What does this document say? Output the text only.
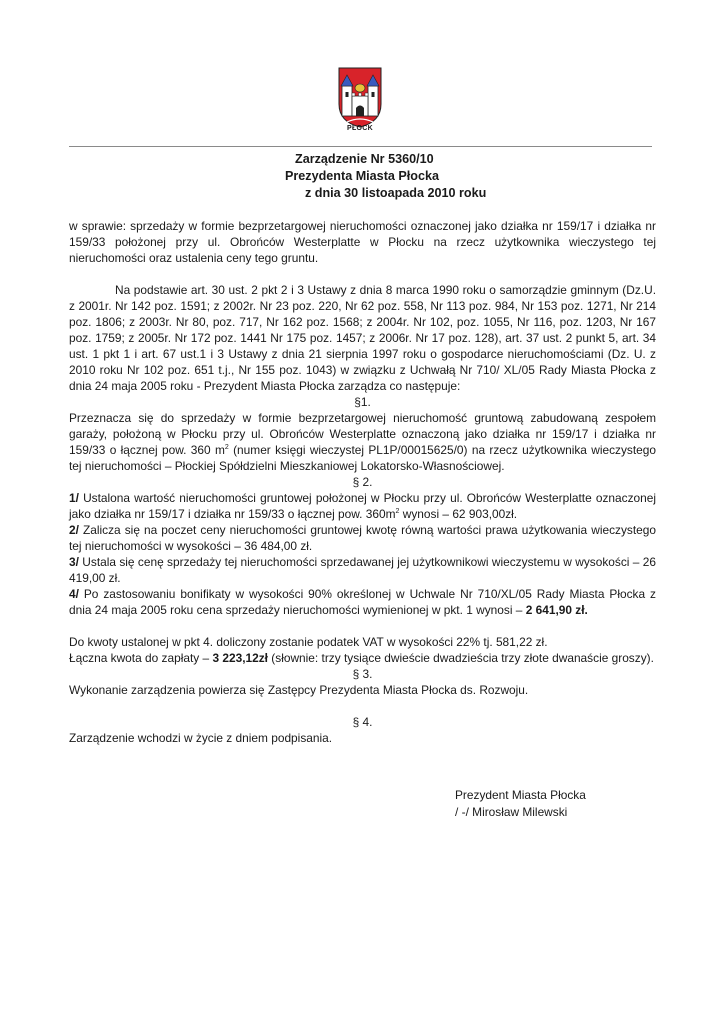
PŁOCK
Zarządzenie Nr 5360/10
Prezydenta Miasta Płocka
z dnia 30 listoapada 2010 roku

w sprawie: sprzedaży w formie bezprzetargowej nieruchomości oznaczonej jako działka nr 159/17 i działka nr 159/33 położonej przy ul. Obrońców Westerplatte w Płocku na rzecz użytkownika wieczystego tej nieruchomości oraz ustalenia ceny tego gruntu.

Na podstawie art. 30 ust. 2 pkt 2 i 3 Ustawy z dnia 8 marca 1990 roku o samorządzie gminnym (Dz.U. z 2001r. Nr 142 poz. 1591; z 2002r. Nr 23 poz. 220, Nr 62 poz. 558, Nr 113 poz. 984, Nr 153 poz. 1271, Nr 214 poz. 1806; z 2003r. Nr 80, poz. 717, Nr 162 poz. 1568; z 2004r. Nr 102, poz. 1055, Nr 116, poz. 1203, Nr 167 poz. 1759; z 2005r. Nr 172 poz. 1441 Nr 175 poz. 1457; z 2006r. Nr 17 poz. 128), art. 37 ust. 2 punkt 5, art. 34 ust. 1 pkt 1 i art. 67 ust.1 i 3 Ustawy z dnia 21 sierpnia 1997 roku o gospodarce nieruchomościami (Dz. U. z 2010 roku Nr 102 poz. 651 t.j., Nr 155 poz. 1043) w związku z Uchwałą Nr 710/ XL/05 Rady Miasta Płocka z dnia 24 maja 2005 roku - Prezydent Miasta Płocka zarządza co następuje:

§1.

Przeznacza się do sprzedaży w formie bezprzetargowej nieruchomość gruntową zabudowaną zespołem garaży, położoną w Płocku przy ul. Obrońców Westerplatte oznaczoną jako działka nr 159/17 i działka nr 159/33 o łącznej pow. 360 $m^2$ (numer księgi wieczystej PL1P/00015625/0) na rzecz użytkownika wieczystego tej nieruchomości – Płockiej Spółdzielni Mieszkaniowej Lokatorsko-Własnościowej.

§ 2.

1/ Ustalona wartość nieruchomości gruntowej położonej w Płocku przy ul. Obrońców Westerplatte oznaczonej jako działka nr 159/17 i działka nr 159/33 o łącznej pow. $360m^2$ wynosi – 62 903,00zł.

2/ Zalicza się na poczet ceny nieruchomości gruntowej kwotę równą wartości prawa użytkowania wieczystego tej nieruchomości w wysokości – 36 484,00 zł.

3/ Ustala się cenę sprzedaży tej nieruchomości sprzedawanej jej użytkownikowi wieczystemu w wysokości – 26 419,00 zł.

4/ Po zastosowaniu bonifikaty w wysokości 90% określonej w Uchwale Nr 710/XL/05 Rady Miasta Płocka z dnia 24 maja 2005 roku cena sprzedaży nieruchomości wymienionej w pkt. 1 wynosi – 2 641,90 zł.

Do kwoty ustalonej w pkt 4. doliczony zostanie podatek VAT w wysokości 22% tj. 581,22 zł.

Łączna kwota do zapłaty – 3 223,12zł (słownie: trzy tysiące dwieście dwadzieścia trzy złote dwanaście groszy).

§ 3.

Wykonanie zarządzenia powierza się Zastępcy Prezydenta Miasta Płocka ds. Rozwoju.

§ 4.

Zarządzenie wchodzi w życie z dniem podpisania.

Prezydent Miasta Płocka
/ -/ Mirosław Milewski
